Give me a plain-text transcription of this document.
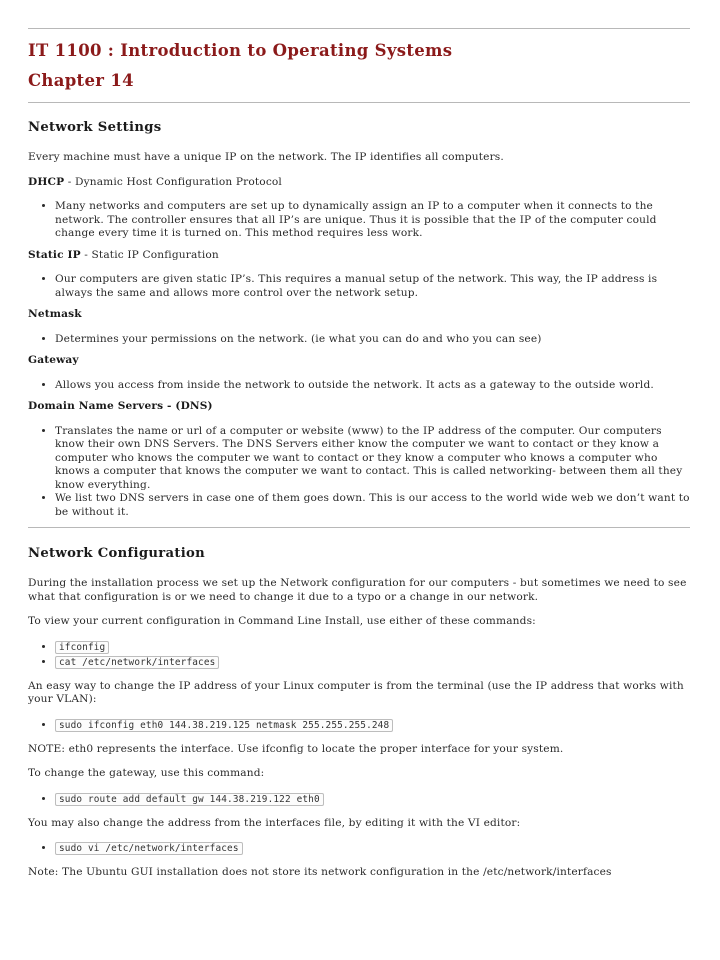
IT 1100 : Introduction to Operating Systems
Chapter 14
Network Settings

Every machine must have a unique IP on the network. The IP identifies all computers.

DHCP - Dynamic Host Configuration Protocol

• Many networks and computers are set up to dynamically assign an IP to a computer when it connects to the network. The controller ensures that all IP’s are unique. Thus it is possible that the IP of the computer could change every time it is turned on. This method requires less work.

Static IP - Static IP Configuration

• Our computers are given static IP’s. This requires a manual setup of the network. This way, the IP address is always the same and allows more control over the network setup.

Netmask

• Determines your permissions on the network. (ie what you can do and who you can see)

Gateway

• Allows you access from inside the network to outside the network. It acts as a gateway to the outside world.

Domain Name Servers - (DNS)

• Translates the name or url of a computer or website (www) to the IP address of the computer. Our computers know their own DNS Servers. The DNS Servers either know the computer we want to contact or they know a computer who knows the computer we want to contact or they know a computer who knows a computer who knows a computer that knows the computer we want to contact. This is called networking- between them all they know everything.
• We list two DNS servers in case one of them goes down. This is our access to the world wide web we don’t want to be without it.
Network Configuration

During the installation process we set up the Network configuration for our computers - but sometimes we need to see what that configuration is or we need to change it due to a typo or a change in our network.

To view your current configuration in Command Line Install, use either of these commands:

• ifconfig
• cat /etc/network/interfaces

An easy way to change the IP address of your Linux computer is from the terminal (use the IP address that works with your VLAN):

• sudo ifconfig eth0 144.38.219.125 netmask 255.255.255.248

NOTE: eth0 represents the interface. Use ifconfig to locate the proper interface for your system.

To change the gateway, use this command:

• sudo route add default gw 144.38.219.122 eth0

You may also change the address from the interfaces file, by editing it with the VI editor:

• sudo vi /etc/network/interfaces

Note: The Ubuntu GUI installation does not store its network configuration in the /etc/network/interfaces
